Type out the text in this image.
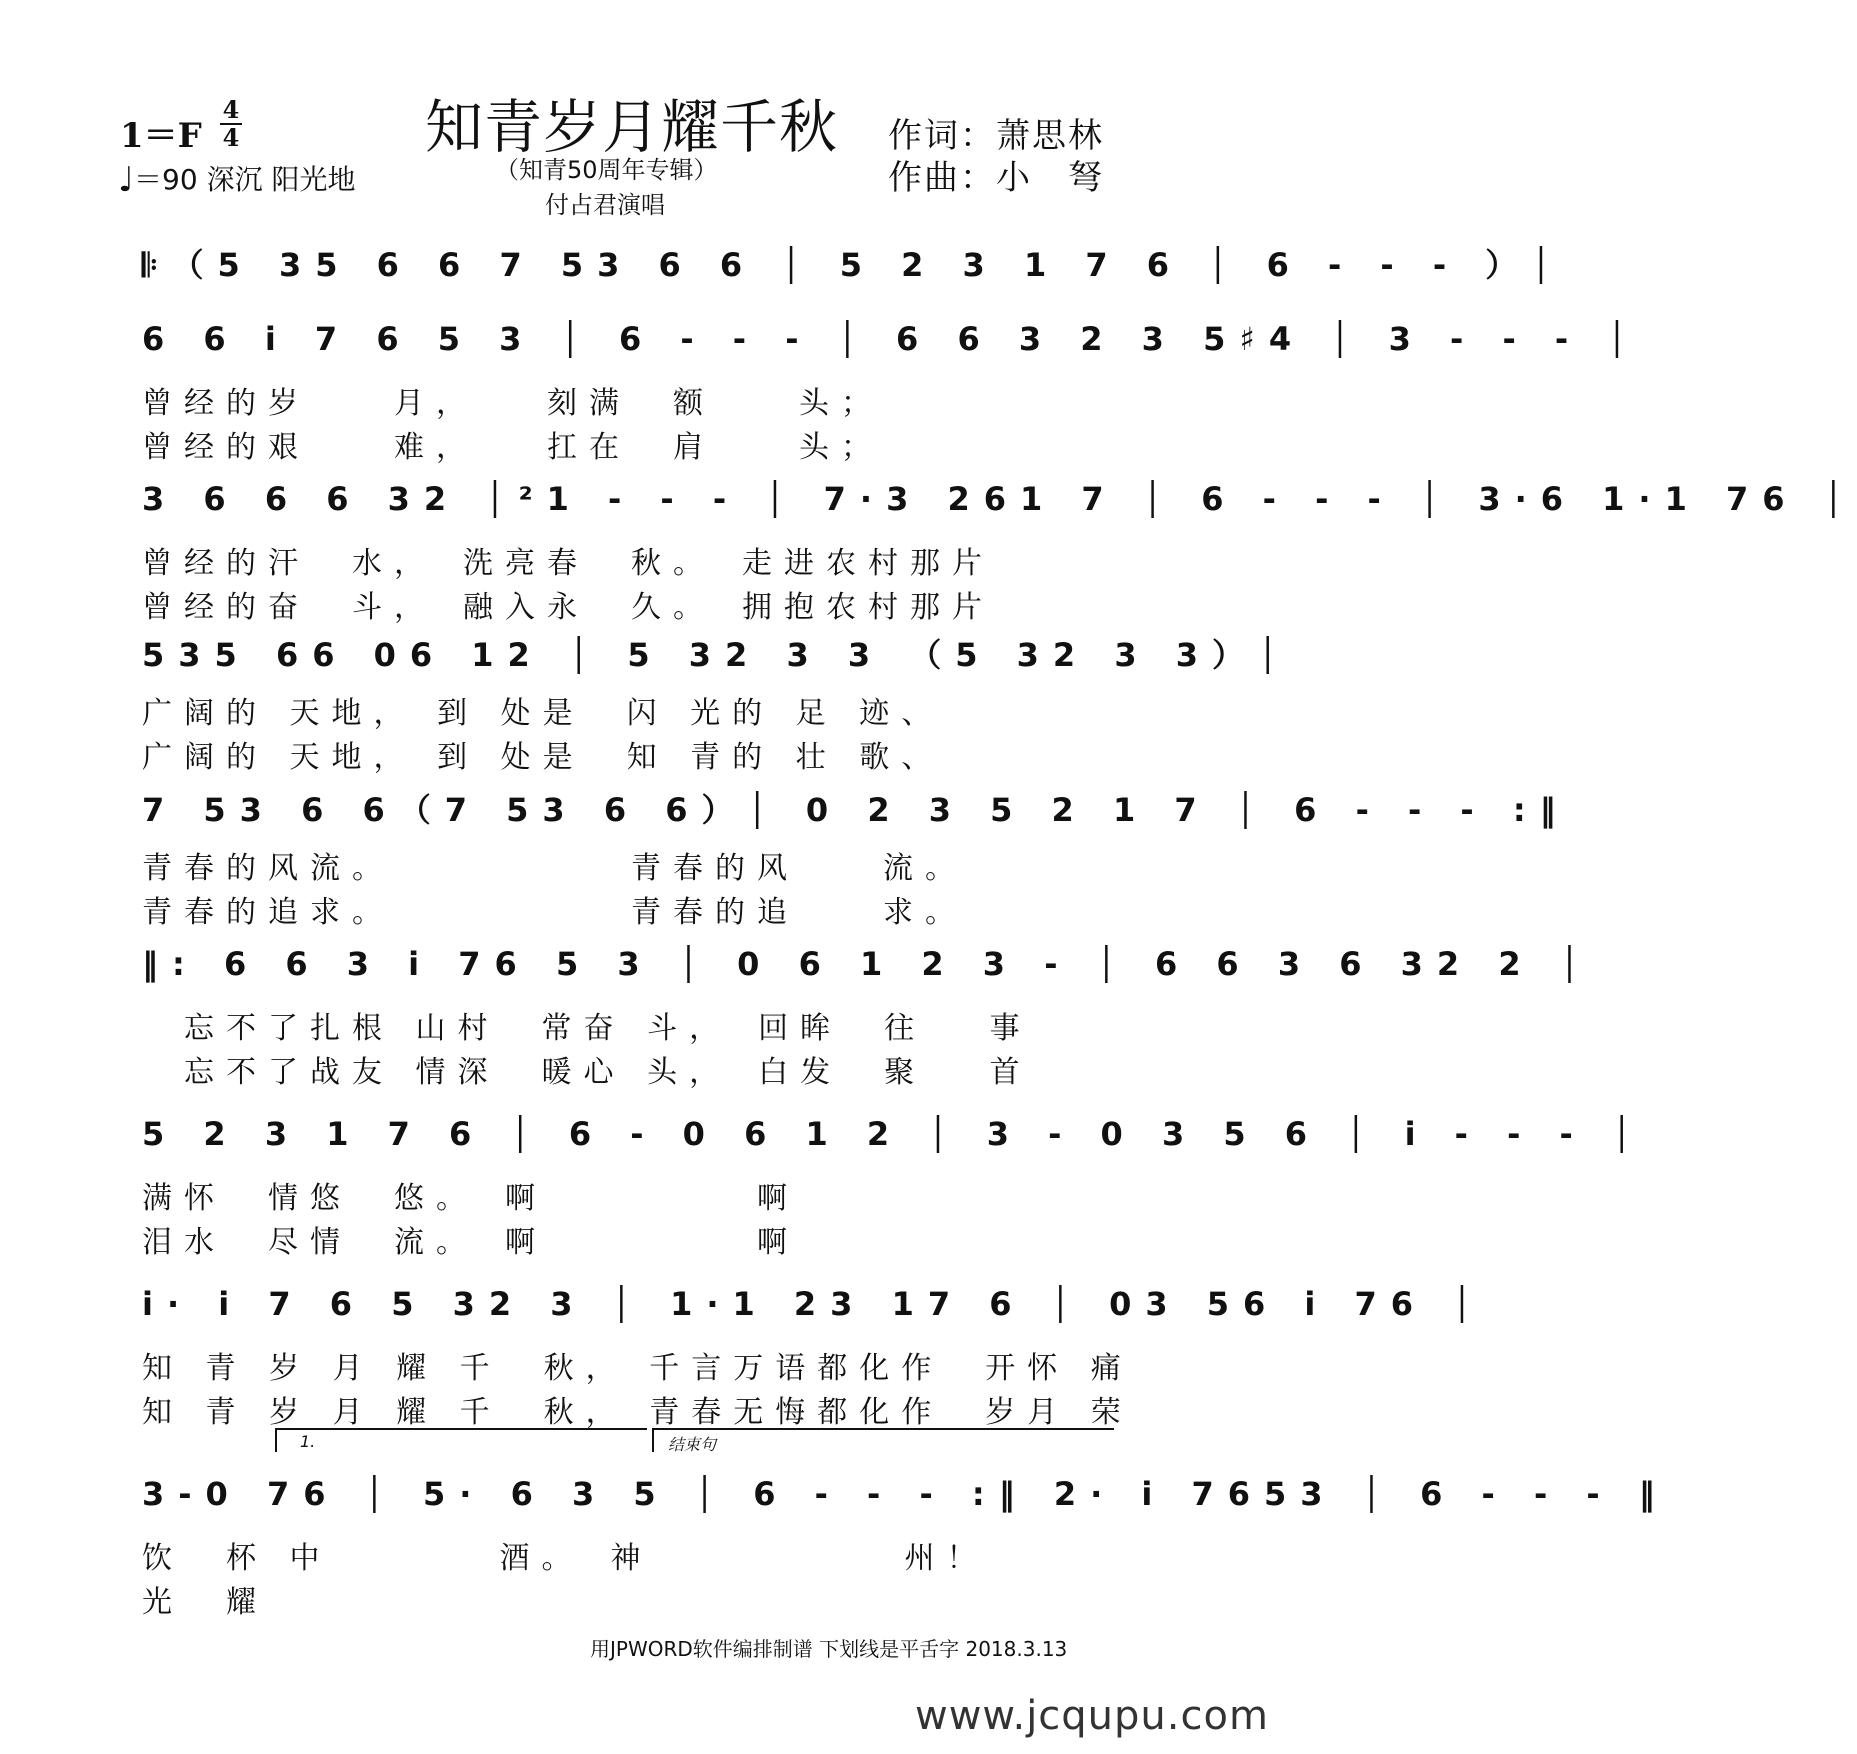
知青岁月耀千秋
（知青50周年专辑）
付占君演唱
1＝F
4
4
♩＝90 深沉 阳光地
作词：萧思林
作曲：小　弩
𝄆（5 35 6 6 7 53 6 6 │ 5 2 3 1 7 6 │ 6 - - - ）│
6 6 i 7 6 5 3 │ 6 - - - │ 6 6 3 2 3 5♯4 │ 3 - - - │
曾经的岁　　月，　　刻满　额　　头；
曾经的艰　　难，　　扛在　肩　　头；
3 6 6 6 32 │²1 - - - │ 7·3 261 7 │ 6 - - - │ 3·6 1·1 76 │
曾经的汗　水，　洗亮春　秋。　走进农村那片
曾经的奋　斗，　融入永　久。　拥抱农村那片
535 66 06 12 │ 5 32 3 3 （5 32 3 3）│
广阔的 天地， 到 处是　闪 光的 足 迹、
广阔的 天地， 到 处是　知 青的 壮 歌、
7 53 6 6（7 53 6 6）│ 0 2 3 5 2 1 7 │ 6 - - - :‖
青春的风流。　　　　　　青春的风　　流。
青春的追求。　　　　　　青春的追　　求。
‖: 6 6 3 i 76 5 3 │ 0 6 1 2 3 - │ 6 6 3 6 32 2 │
　忘不了扎根 山村　常奋 斗，　回眸　往　 事
　忘不了战友 情深　暖心 头，　白发　聚　 首
5 2 3 1 7 6 │ 6 - 0 6 1 2 │ 3 - 0 3 5 6 │ i - - - │
满怀　情悠　悠。　啊　　　　　啊
泪水　尽情　流。　啊　　　　　啊
i· i 7 6 5 32 3 │ 1·1 23 17 6 │ 03 56 i 76 │
知 青 岁 月 耀 千　秋， 千言万语都化作　开怀 痛
知 青 岁 月 耀 千　秋， 青春无悔都化作　岁月 荣
3-0 76 │ 5· 6 3 5 │ 6 - - - :‖ 2· i 7653 │ 6 - - - ‖
饮　杯 中　　　　酒。　神　　　　　　州！
光　耀
1.	结束句
用JPWORD软件编排制谱 下划线是平舌字 2018.3.13
www.jcqupu.com
